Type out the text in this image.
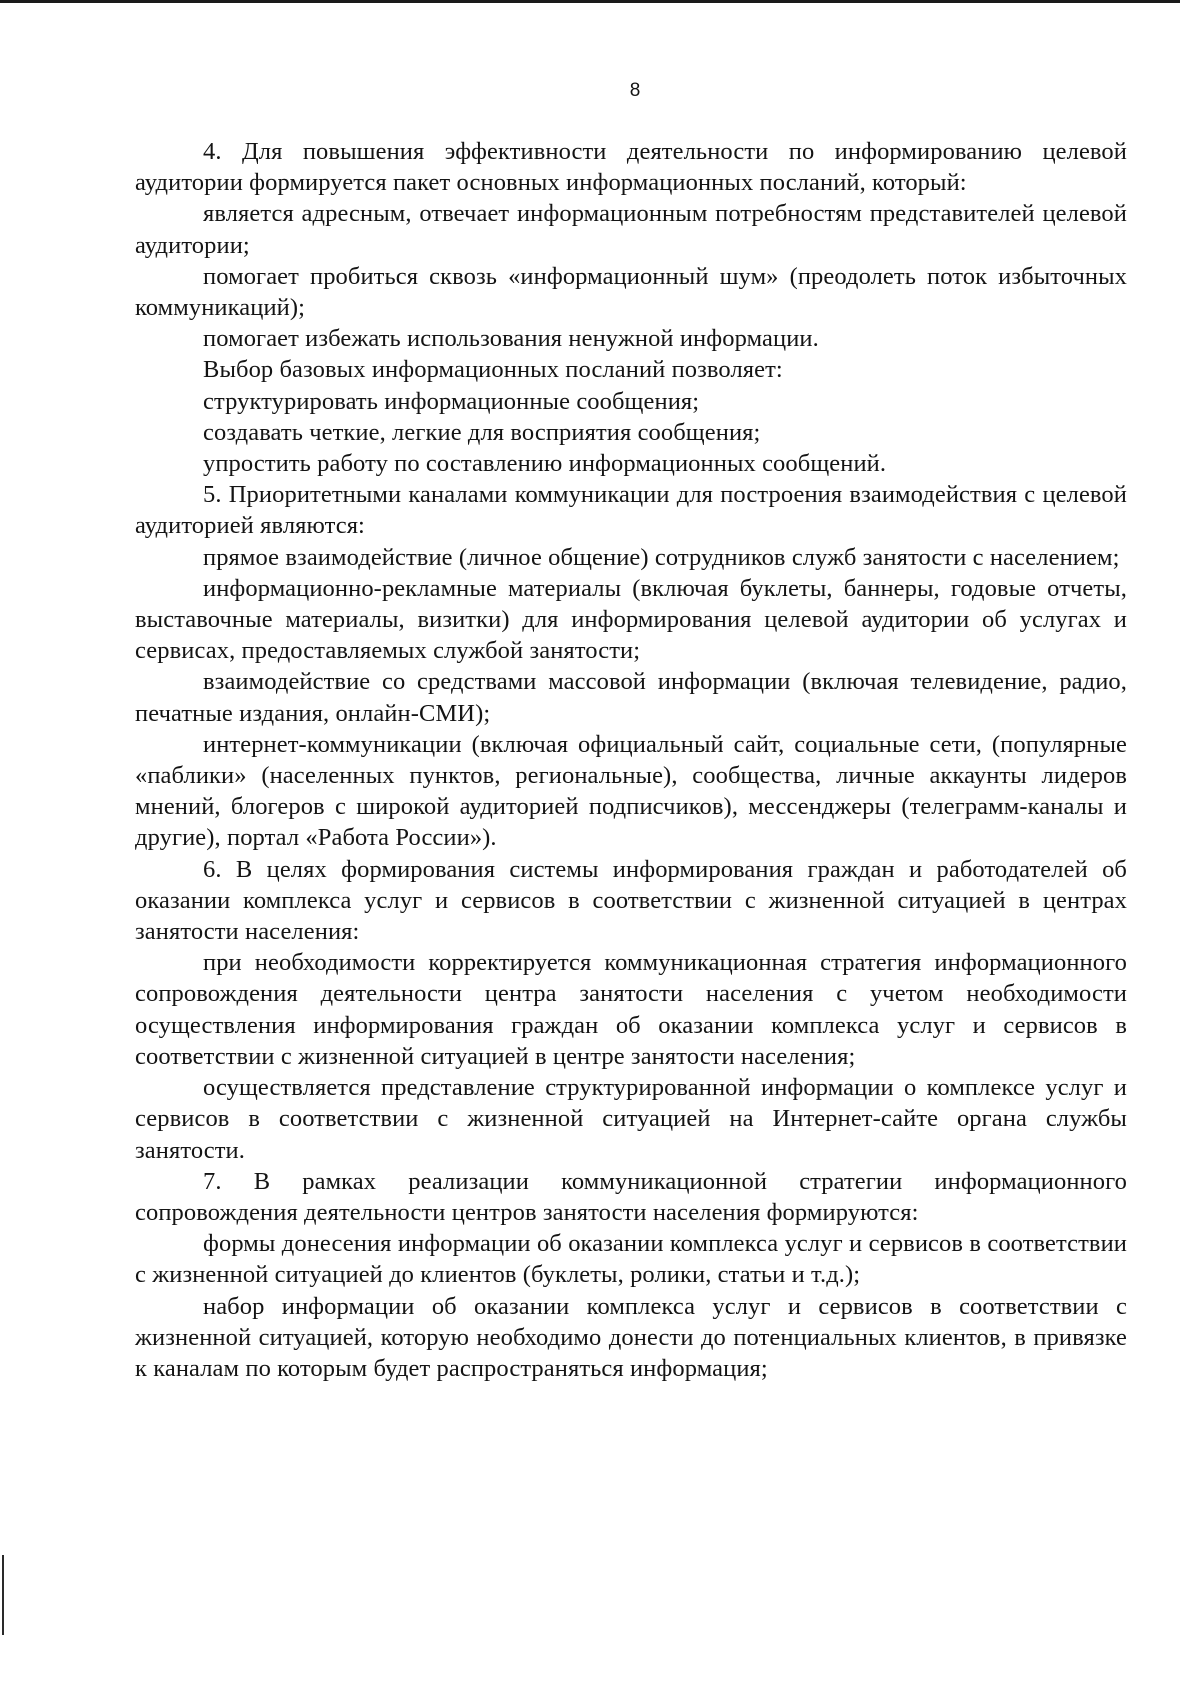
8

4. Для повышения эффективности деятельности по информированию целевой аудитории формируется пакет основных информационных посланий, который:

является адресным, отвечает информационным потребностям представителей целевой аудитории;

помогает пробиться сквозь «информационный шум» (преодолеть поток избыточных коммуникаций);

помогает избежать использования ненужной информации.

Выбор базовых информационных посланий позволяет:

структурировать информационные сообщения;

создавать четкие, легкие для восприятия сообщения;

упростить работу по составлению информационных сообщений.

5. Приоритетными каналами коммуникации для построения взаимодействия с целевой аудиторией являются:

прямое взаимодействие (личное общение) сотрудников служб занятости с населением;

информационно-рекламные материалы (включая буклеты, баннеры, годовые отчеты, выставочные материалы, визитки) для информирования целевой аудитории об услугах и сервисах, предоставляемых службой занятости;

взаимодействие со средствами массовой информации (включая телевидение, радио, печатные издания, онлайн-СМИ);

интернет-коммуникации (включая официальный сайт, социальные сети, (популярные «паблики» (населенных пунктов, региональные), сообщества, личные аккаунты лидеров мнений, блогеров с широкой аудиторией подписчиков), мессенджеры (телеграмм-каналы и другие), портал «Работа России»).

6. В целях формирования системы информирования граждан и работодателей об оказании комплекса услуг и сервисов в соответствии с жизненной ситуацией в центрах занятости населения:

при необходимости корректируется коммуникационная стратегия информационного сопровождения деятельности центра занятости населения с учетом необходимости осуществления информирования граждан об оказании комплекса услуг и сервисов в соответствии с жизненной ситуацией в центре занятости населения;

осуществляется представление структурированной информации о комплексе услуг и сервисов в соответствии с жизненной ситуацией на Интернет-сайте органа службы занятости.

7. В рамках реализации коммуникационной стратегии информационного сопровождения деятельности центров занятости населения формируются:

формы донесения информации об оказании комплекса услуг и сервисов в соответствии с жизненной ситуацией до клиентов (буклеты, ролики, статьи и т.д.);

набор информации об оказании комплекса услуг и сервисов в соответствии с жизненной ситуацией, которую необходимо донести до потенциальных клиентов, в привязке к каналам по которым будет распространяться информация;
